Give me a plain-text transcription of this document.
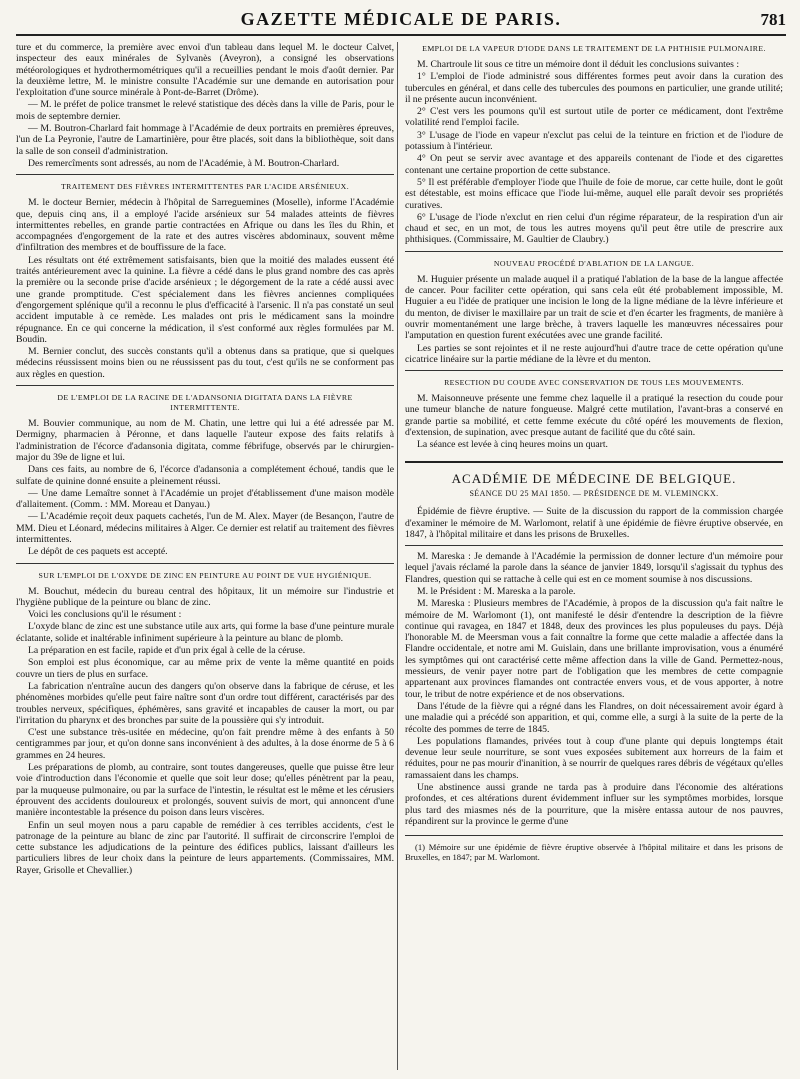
GAZETTE MÉDICALE DE PARIS.	781

ture et du commerce, la première avec envoi d'un tableau dans lequel M. le docteur Calvet, inspecteur des eaux minérales de Sylvanès (Aveyron), a consigné les observations météorologiques et hydrothermométriques qu'il a recueillies pendant le mois d'août dernier. Par la deuxième lettre, M. le ministre consulte l'Académie sur une demande en autorisation pour l'exploitation d'une source minérale à Pont-de-Barret (Drôme).

— M. le préfet de police transmet le relevé statistique des décès dans la ville de Paris, pour le mois de septembre dernier.

— M. Boutron-Charlard fait hommage à l'Académie de deux portraits en premières épreuves, l'un de La Peyronie, l'autre de Lamartinière, pour être placés, soit dans la bibliothèque, soit dans la salle de son conseil d'administration.

Des remercîments sont adressés, au nom de l'Académie, à M. Boutron-Charlard.

TRAITEMENT DES FIÈVRES INTERMITTENTES PAR L'ACIDE ARSÉNIEUX.

M. le docteur Bernier, médecin à l'hôpital de Sarreguemines (Moselle), informe l'Académie que, depuis cinq ans, il a employé l'acide arsénieux sur 54 malades atteints de fièvres intermittentes rebelles, en grande partie contractées en Afrique ou dans les îles du Rhin, et accompagnées d'engorgement de la rate et des autres viscères abdominaux, souvent même d'infiltration des membres et de bouffissure de la face.

Les résultats ont été extrêmement satisfaisants, bien que la moitié des malades eussent été traités antérieurement avec la quinine. La fièvre a cédé dans le plus grand nombre des cas après la première ou la seconde prise d'acide arsénieux ; le dégorgement de la rate a cédé aussi avec une grande promptitude. C'est spécialement dans les fièvres anciennes compliquées d'engorgement splénique qu'il a reconnu le plus d'efficacité à l'arsenic. Il n'a pas constaté un seul accident imputable à ce remède. Les malades ont pris le médicament sans la moindre répugnance. En ce qui concerne la médication, il s'est conformé aux règles formulées par M. Boudin.

M. Bernier conclut, des succès constants qu'il a obtenus dans sa pratique, que si quelques médecins réussissent moins bien ou ne réussissent pas du tout, c'est qu'ils ne se conforment pas aux règles en question.

DE L'EMPLOI DE LA RACINE DE L'ADANSONIA DIGITATA DANS LA FIÈVRE INTERMITTENTE.

M. Bouvier communique, au nom de M. Chatin, une lettre qui lui a été adressée par M. Dermigny, pharmacien à Péronne, et dans laquelle l'auteur expose des faits relatifs à l'administration de l'écorce d'adansonia digitata, comme fébrifuge, observés par le chirurgien-major du 39e de ligne et lui.

Dans ces faits, au nombre de 6, l'écorce d'adansonia a complétement échoué, tandis que le sulfate de quinine donné ensuite a pleinement réussi.

— Une dame Lemaître sonnet à l'Académie un projet d'établissement d'une maison modèle d'allaitement. (Comm. : MM. Moreau et Danyau.)

— L'Académie reçoit deux paquets cachetés, l'un de M. Alex. Mayer (de Besançon, l'autre de MM. Dieu et Léonard, médecins militaires à Alger. Ce dernier est relatif au traitement des fièvres intermittentes.

Le dépôt de ces paquets est accepté.

SUR L'EMPLOI DE L'OXYDE DE ZINC EN PEINTURE AU POINT DE VUE HYGIÉNIQUE.

M. Bouchut, médecin du bureau central des hôpitaux, lit un mémoire sur l'industrie et l'hygiène publique de la peinture ou blanc de zinc.

Voici les conclusions qu'il le résument :

L'oxyde blanc de zinc est une substance utile aux arts, qui forme la base d'une peinture murale éclatante, solide et inaltérable infiniment supérieure à la peinture au blanc de plomb.

La préparation en est facile, rapide et d'un prix égal à celle de la céruse.

Son emploi est plus économique, car au même prix de vente la même quantité en poids couvre un tiers de plus en surface.

La fabrication n'entraîne aucun des dangers qu'on observe dans la fabrique de céruse, et les phénomènes morbides qu'elle peut faire naître sont d'un ordre tout différent, caractérisés par des troubles nerveux, spécifiques, éphémères, sans gravité et incapables de causer la mort, ou par l'irritation du pharynx et des bronches par suite de la poussière qui s'y introduit.

C'est une substance très-usitée en médecine, qu'on fait prendre même à des enfants à 50 centigrammes par jour, et qu'on donne sans inconvénient à des adultes, à la dose énorme de 5 à 6 grammes en 24 heures.

Les préparations de plomb, au contraire, sont toutes dangereuses, quelle que puisse être leur voie d'introduction dans l'économie et quelle que soit leur dose; qu'elles pénètrent par la peau, par la muqueuse pulmonaire, ou par la surface de l'intestin, le résultat est le même et les cérusiers éprouvent des accidents douloureux et prolongés, souvent suivis de mort, qui annoncent d'une manière incontestable la présence du poison dans leurs viscères.

Enfin un seul moyen nous a paru capable de remédier à ces terribles accidents, c'est le patronage de la peinture au blanc de zinc par l'autorité. Il suffirait de circonscrire l'emploi de cette substance les adjudications de la peinture des édifices publics, laissant d'ailleurs les particuliers libres de leur choix dans la peinture de leurs appartements. (Commissaires, MM. Rayer, Grisolle et Chevallier.)

EMPLOI DE LA VAPEUR D'IODE DANS LE TRAITEMENT DE LA PHTHISIE PULMONAIRE.

M. Chartroule lit sous ce titre un mémoire dont il déduit les conclusions suivantes :

1° L'emploi de l'iode administré sous différentes formes peut avoir dans la curation des tubercules en général, et dans celle des tubercules des poumons en particulier, une grande utilité; il ne présente aucun inconvénient.

2° C'est vers les poumons qu'il est surtout utile de porter ce médicament, dont l'extrême volatilité rend l'emploi facile.

3° L'usage de l'iode en vapeur n'exclut pas celui de la teinture en friction et de l'iodure de potassium à l'intérieur.

4° On peut se servir avec avantage et des appareils contenant de l'iode et des cigarettes contenant une certaine proportion de cette substance.

5° Il est préférable d'employer l'iode que l'huile de foie de morue, car cette huile, dont le goût est détestable, est moins efficace que l'iode lui-même, auquel elle paraît devoir ses propriétés curatives.

6° L'usage de l'iode n'exclut en rien celui d'un régime réparateur, de la respiration d'un air chaud et sec, en un mot, de tous les autres moyens qu'il peut être utile de prescrire aux phthisiques. (Commissaire, M. Gaultier de Claubry.)

NOUVEAU PROCÉDÉ D'ABLATION DE LA LANGUE.

M. Huguier présente un malade auquel il a pratiqué l'ablation de la base de la langue affectée de cancer. Pour faciliter cette opération, qui sans cela eût été probablement impossible, M. Huguier a eu l'idée de pratiquer une incision le long de la ligne médiane de la lèvre inférieure et du menton, de diviser le maxillaire par un trait de scie et d'en écarter les fragments, de manière à ouvrir momentanément une large brèche, à travers laquelle les manœuvres nécessaires pour l'amputation en question furent exécutées avec une grande facilité.

Les parties se sont rejointes et il ne reste aujourd'hui d'autre trace de cette opération qu'une cicatrice linéaire sur la partie médiane de la lèvre et du menton.

RESECTION DU COUDE AVEC CONSERVATION DE TOUS LES MOUVEMENTS.

M. Maisonneuve présente une femme chez laquelle il a pratiqué la resection du coude pour une tumeur blanche de nature fongueuse. Malgré cette mutilation, l'avant-bras a conservé en grande partie sa mobilité, et cette femme exécute du côté opéré les mouvements de flexion, d'extension, de supination, avec presque autant de facilité que du côté sain.

La séance est levée à cinq heures moins un quart.

ACADÉMIE DE MÉDECINE DE BELGIQUE.
SÉANCE DU 25 MAI 1850. — PRÉSIDENCE DE M. VLEMINCKX.

Épidémie de fièvre éruptive. — Suite de la discussion du rapport de la commission chargée d'examiner le mémoire de M. Warlomont, relatif à une épidémie de fièvre éruptive observée, en 1847, à l'hôpital militaire et dans les prisons de Bruxelles.

M. Mareska : Je demande à l'Académie la permission de donner lecture d'un mémoire pour lequel j'avais réclamé la parole dans la séance de janvier 1849, lorsqu'il s'agissait du typhus des Flandres, question qui se rattache à celle qui est en ce moment soumise à nos discussions.

M. le Président : M. Mareska a la parole.

M. Mareska : Plusieurs membres de l'Académie, à propos de la discussion qu'a fait naître le mémoire de M. Warlomont (1), ont manifesté le désir d'entendre la description de la fièvre continue qui ravagea, en 1847 et 1848, deux des provinces les plus populeuses du pays. Déjà l'honorable M. de Meersman vous a fait connaître la forme que cette maladie a affectée dans la Flandre occidentale, et notre ami M. Guislain, dans une brillante improvisation, vous a énuméré les symptômes qui ont caractérisé cette même affection dans la ville de Gand. Permettez-nous, messieurs, de venir payer notre part de l'obligation que les membres de cette compagnie appartenant aux provinces flamandes ont contractée envers vous, et de vous apporter, à notre tour, le tribut de notre expérience et de nos observations.

Dans l'étude de la fièvre qui a régné dans les Flandres, on doit nécessairement avoir égard à une maladie qui a précédé son apparition, et qui, comme elle, a surgi à la suite de la perte de la récolte des pommes de terre de 1845.

Les populations flamandes, privées tout à coup d'une plante qui depuis longtemps était devenue leur seule nourriture, se sont vues exposées subitement aux horreurs de la faim et réduites, pour ne pas mourir d'inanition, à se nourrir de quelques rares débris de végétaux qu'elles ramassaient dans les champs.

Une abstinence aussi grande ne tarda pas à produire dans l'économie des altérations profondes, et ces altérations durent évidemment influer sur les symptômes morbides, lorsque plus tard des miasmes nés de la pourriture, que la misère entassa autour de nos pauvres, répandirent sur la province le germe d'une

(1) Mémoire sur une épidémie de fièvre éruptive observée à l'hôpital militaire et dans les prisons de Bruxelles, en 1847; par M. Warlomont.
